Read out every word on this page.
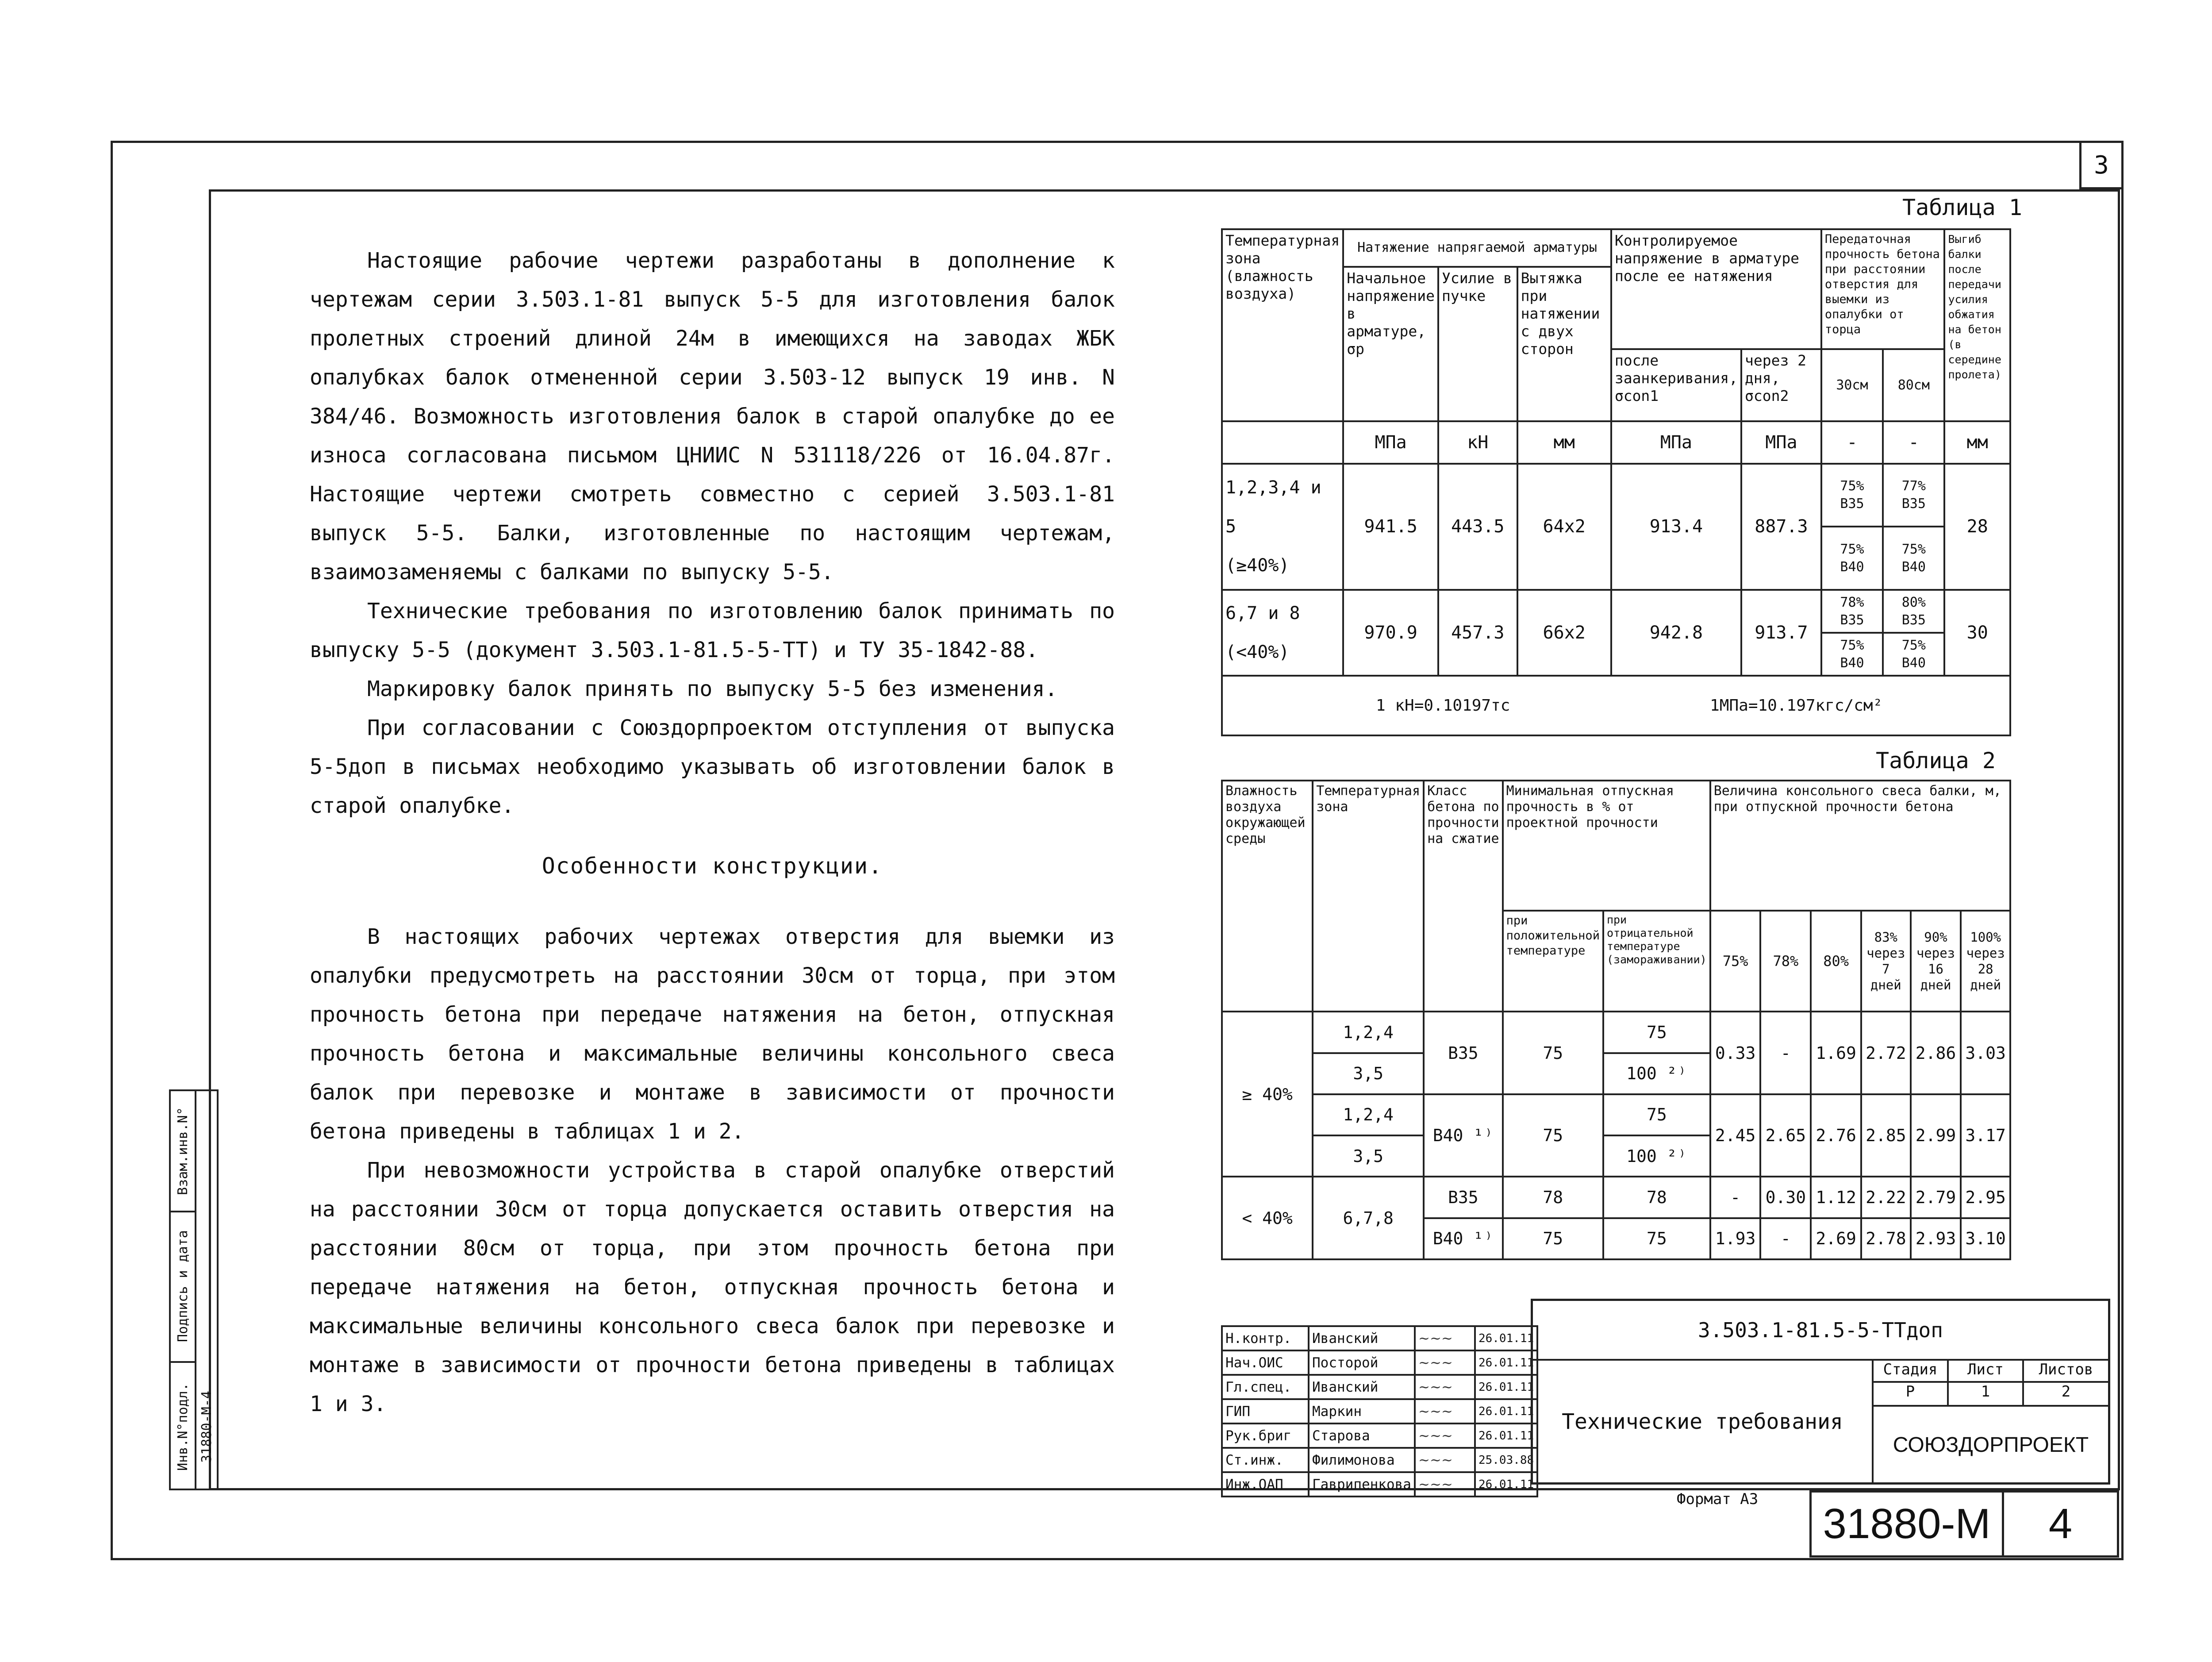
3

Настоящие рабочие чертежи разработаны в дополнение к чертежам серии 3.503.1-81 выпуск 5-5 для изготовления балок пролетных строений длиной 24м в имеющихся на заводах ЖБК опалубках балок отмененной серии 3.503-12 выпуск 19 инв. N 384/46. Возможность изготовления балок в старой опалубке до ее износа согласована письмом ЦНИИС N 531118/226 от 16.04.87г. Настоящие чертежи смотреть совместно с серией 3.503.1-81 выпуск 5-5. Балки, изготовленные по настоящим чертежам, взаимозаменяемы с балками по выпуску 5-5.

Технические требования по изготовлению балок принимать по выпуску 5-5 (документ 3.503.1-81.5-5-ТТ) и ТУ 35-1842-88.

Маркировку балок принять по выпуску 5-5 без изменения.

При согласовании с Союздорпроектом отступления от выпуска 5-5доп в письмах необходимо указывать об изготовлении балок в старой опалубке.

Особенности конструкции.

В настоящих рабочих чертежах отверстия для выемки из опалубки предусмотреть на расстоянии 30см от торца, при этом прочность бетона при передаче натяжения на бетон, отпускная прочность бетона и максимальные величины консольного свеса балок при перевозке и монтаже в зависимости от прочности бетона приведены в таблицах 1 и 2.

При невозможности устройства в старой опалубке отверстий на расстоянии 30см от торца допускается оставить отверстия на расстоянии 80см от торца, при этом прочность бетона при передаче натяжения на бетон, отпускная прочность бетона и максимальные величины консольного свеса балок при перевозке и монтаже в зависимости от прочности бетона приведены в таблицах 1 и 3.

Таблица 1
Температурная зона (влажность воздуха)	Натяжение напрягаемой арматуры			Контролируемое напряжение в арматуре после ее натяжения		Передаточная прочность бетона при расстоянии отверстия для выемки из опалубки от торца		Выгиб балки после передачи усилия обжатия на бетон (в середине пролета)
	Начальное напряжение в арматуре, σp	Усилие в пучке	Вытяжка при натяжении с двух сторон					
				после заанкеривания, σcon1	через 2 дня, σcon2	30см	80см	
	МПа	кН	мм	МПа	МПа	-	-	мм

1,2,3,4 и 5
(≥40%)	941.5	443.5	64x2	913.4	887.3	75% В35	77% В35	28
						75% В40	75% В40	

6,7 и 8
(<40%)	970.9	457.3	66x2	942.8	913.7	78% В35	80% В35	30
						75% В40	75% В40	
1 кН=0.10197тс 1МПа=10.197кгс/см²								
Таблица 2
Влажность воздуха окружающей среды	Температурная зона	Класс бетона по прочности на сжатие	Минимальная отпускная прочность в % от проектной прочности		Величина консольного свеса балки, м, при отпускной прочности бетона					
			при положительной температуре	при отрицательной температуре (замораживании)	75%	78%	80%	83% через 7 дней	90% через 16 дней	100% через 28 дней
≥ 40%	1,2,4	В35	75	75	0.33	-	1.69	2.72	2.86	3.03
	3,5			100 ²⁾						
	1,2,4	В40 ¹⁾	75	75	2.45	2.65	2.76	2.85	2.99	3.17
	3,5			100 ²⁾						
< 40%	6,7,8	В35	78	78	-	0.30	1.12	2.22	2.79	2.95
		В40 ¹⁾	75	75	1.93	-	2.69	2.78	2.93	3.10
Взам.инв.N°
Подпись и дата
Инв.N°подл. 31880-М-4
Н.контр.	Иванский	~~~	26.01.11
Нач.ОИС	Посторой	~~~	26.01.11
Гл.спец.	Иванский	~~~	26.01.11
ГИП	Маркин	~~~	26.01.11
Рук.бриг	Старова	~~~	26.01.11
Ст.инж.	Филимонова	~~~	25.03.88
Инж.ОАП	Гаврипенкова	~~~	26.01.11
3.503.1-81.5-5-ТТдоп
Технические требования
Стадия	Лист	Листов
Р	1	2
СОЮЗДОРПРОЕКТ
Формат А3
31880-М	4
